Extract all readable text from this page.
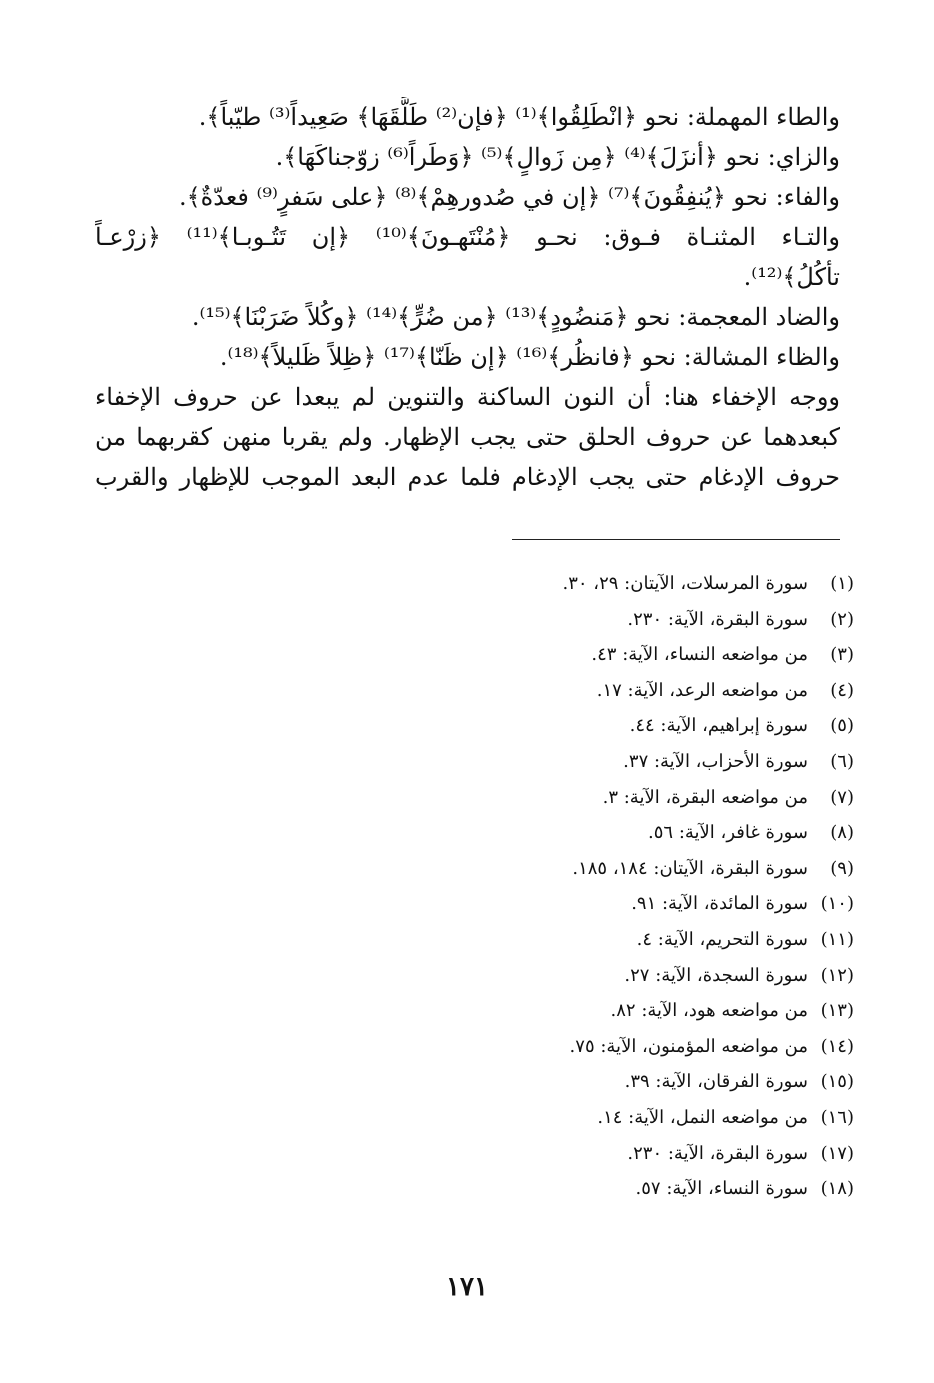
والطاء المهملة: نحو ﴿انْطَلِقُوا﴾⁽¹⁾ ﴿فإن⁽²⁾ طَلَّقَهَا﴾ صَعِيداً⁽³⁾ طيّباً﴾.
والزاي: نحو ﴿أنزَلَ﴾⁽⁴⁾ ﴿مِن زَوالٍ﴾⁽⁵⁾ ﴿وَطَراً⁽⁶⁾ زوّجناكَهَا﴾.
والفاء: نحو ﴿يُنفِقُونَ﴾⁽⁷⁾ ﴿إن في صُدورهِمْ﴾⁽⁸⁾ ﴿على سَفرٍ⁽⁹⁾ فعدّةٌ﴾.
والتـاء المثنـاة فـوق: نحـو ﴿مُنْتَهـونَ﴾⁽¹⁰⁾ ﴿إن تَتُـوبـا﴾⁽¹¹⁾ ﴿زرْعـاً
تأكُلُ﴾⁽¹²⁾.
والضاد المعجمة: نحو ﴿مَنضُودٍ﴾⁽¹³⁾ ﴿من ضُرٍّ﴾⁽¹⁴⁾ ﴿وكُلاً ضَرَبْنَا﴾⁽¹⁵⁾.
والظاء المشالة: نحو ﴿فانظُر﴾⁽¹⁶⁾ ﴿إن ظَنّا﴾⁽¹⁷⁾ ﴿ظِلاً ظَليلاً﴾⁽¹⁸⁾.
ووجه الإخفاء هنا: أن النون الساكنة والتنوين لم يبعدا عن حروف الإخفاء
كبعدهما عن حروف الحلق حتى يجب الإظهار. ولم يقربا منهن كقربهما من
حروف الإدغام حتى يجب الإدغام فلما عدم البعد الموجب للإظهار والقرب
(١)سورة المرسلات، الآيتان: ٢٩، ٣٠.
(٢)سورة البقرة، الآية: ٢٣٠.
(٣)من مواضعه النساء، الآية: ٤٣.
(٤)من مواضعه الرعد، الآية: ١٧.
(٥)سورة إبراهيم، الآية: ٤٤.
(٦)سورة الأحزاب، الآية: ٣٧.
(٧)من مواضعه البقرة، الآية: ٣.
(٨)سورة غافر، الآية: ٥٦.
(٩)سورة البقرة، الآيتان: ١٨٤، ١٨٥.
(١٠)سورة المائدة، الآية: ٩١.
(١١)سورة التحريم، الآية: ٤.
(١٢)سورة السجدة، الآية: ٢٧.
(١٣)من مواضعه هود، الآية: ٨٢.
(١٤)من مواضعه المؤمنون، الآية: ٧٥.
(١٥)سورة الفرقان، الآية: ٣٩.
(١٦)من مواضعه النمل، الآية: ١٤.
(١٧)سورة البقرة، الآية: ٢٣٠.
(١٨)سورة النساء، الآية: ٥٧.
١٧١
